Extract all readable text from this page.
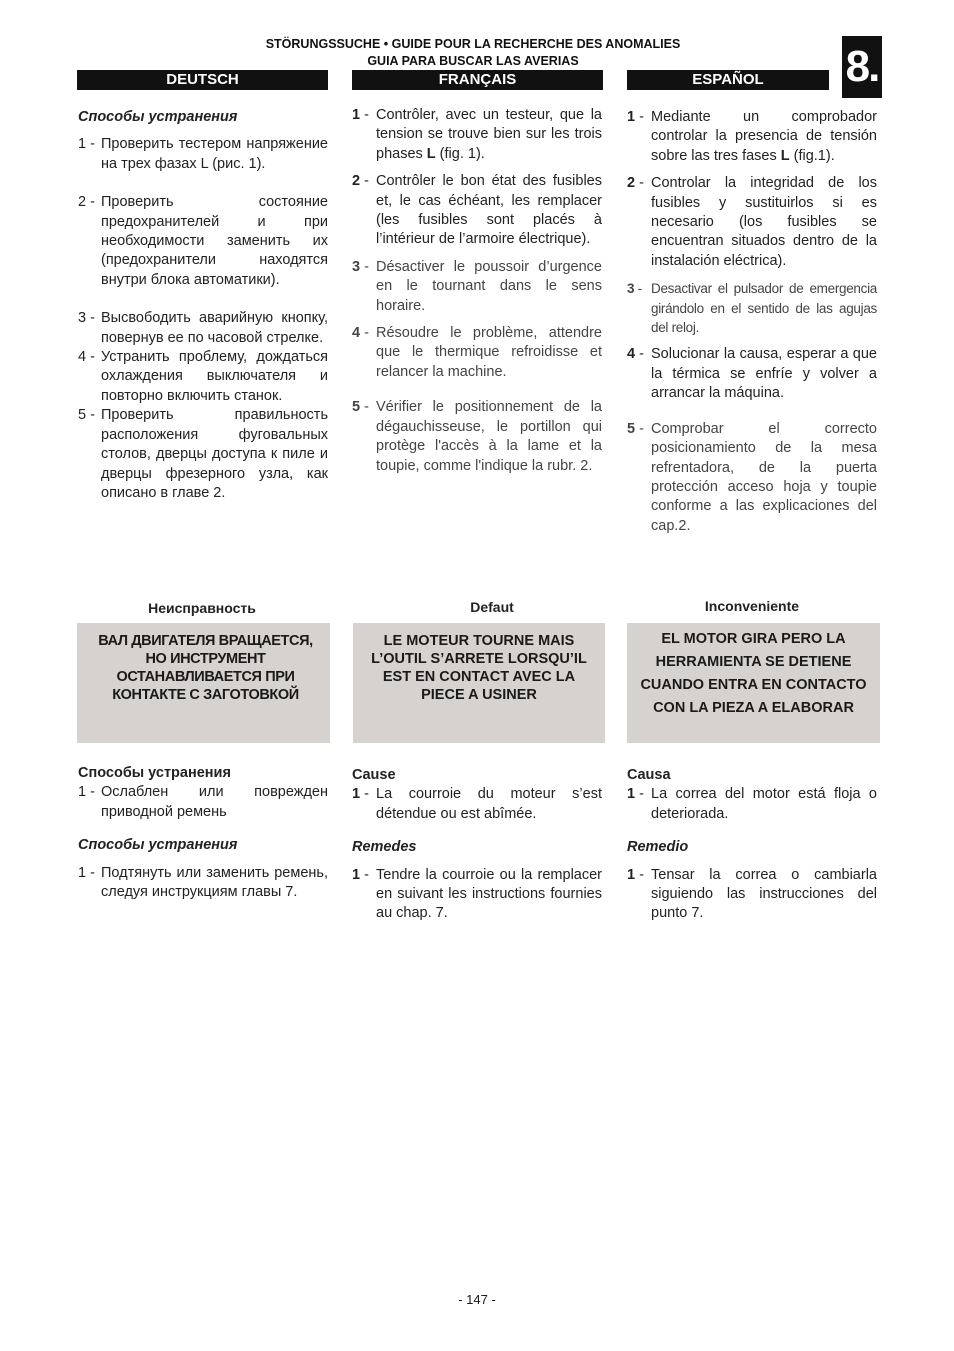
STÖRUNGSSUCHE • GUIDE POUR LA RECHERCHE DES ANOMALIES
GUIA PARA BUSCAR LAS AVERIAS	8.
DEUTSCH	FRANÇAIS	ESPAÑOL

Способы устранения

1 - Проверить тестером напряжение на трех фазах L (рис. 1).
2 - Проверить состояние предохранителей и при необходимости заменить их (предохранители находятся внутри блока автоматики).
3 - Высвободить аварийную кнопку, повернув ее по часовой стрелке.
4 - Устранить проблему, дождаться охлаждения выключателя и повторно включить станок.
5 - Проверить правильность расположения фуговальных столов, дверцы доступа к пиле и дверцы фрезерного узла, как описано в главе 2.
1 - Contrôler, avec un testeur, que la tension se trouve bien sur les trois phases L (fig. 1).
2 - Contrôler le bon état des fusibles et, le cas échéant, les remplacer (les fusibles sont placés à l’intérieur de l’armoire électrique).
3 - Désactiver le poussoir d’urgence en le tournant dans le sens horaire.
4 - Résoudre le problème, attendre que le thermique refroidisse et relancer la machine.
5 - Vérifier le positionnement de la dégauchisseuse, le portillon qui protège l'accès à la lame et la toupie, comme l'indique la rubr. 2.
1 - Mediante un comprobador controlar la presencia de tensión sobre las tres fases L (fig.1).
2 - Controlar la integridad de los fusibles y sustituirlos si es necesario (los fusibles se encuentran situados dentro de la instalación eléctrica).
3 - Desactivar el pulsador de emergencia girándolo en el sentido de las agujas del reloj.
4 - Solucionar la causa, esperar a que la térmica se enfríe y volver a arrancar la máquina.
5 - Comprobar el correcto posicionamiento de la mesa refrentadora, de la puerta protección acceso hoja y toupie conforme a las explicaciones del cap.2.
Неисправность	Defaut	Inconveniente
ВАЛ ДВИГАТЕЛЯ ВРАЩАЕТСЯ, НО ИНСТРУМЕНТ ОСТАНАВЛИВАЕТСЯ ПРИ КОНТАКТЕ С ЗАГОТОВКОЙ
LE MOTEUR TOURNE MAIS L’OUTIL S’ARRETE LORSQU’IL EST EN CONTACT AVEC LA PIECE A USINER
EL MOTOR GIRA PERO LA HERRAMIENTA SE DETIENE CUANDO ENTRA EN CONTACTO CON LA PIEZA A ELABORAR

Способы устранения

1 - Ослаблен или поврежден приводной ремень

Способы устранения

1 - Подтянуть или заменить ремень, следуя инструкциям главы 7.

Cause

1 - La courroie du moteur s’est détendue ou est abîmée.

Remedes

1 - Tendre la courroie ou la remplacer en suivant les instructions fournies au chap. 7.

Causa

1 - La correa del motor está floja o deteriorada.

Remedio

1 - Tensar la correa o cambiarla siguiendo las instrucciones del punto 7.
- 147 -
